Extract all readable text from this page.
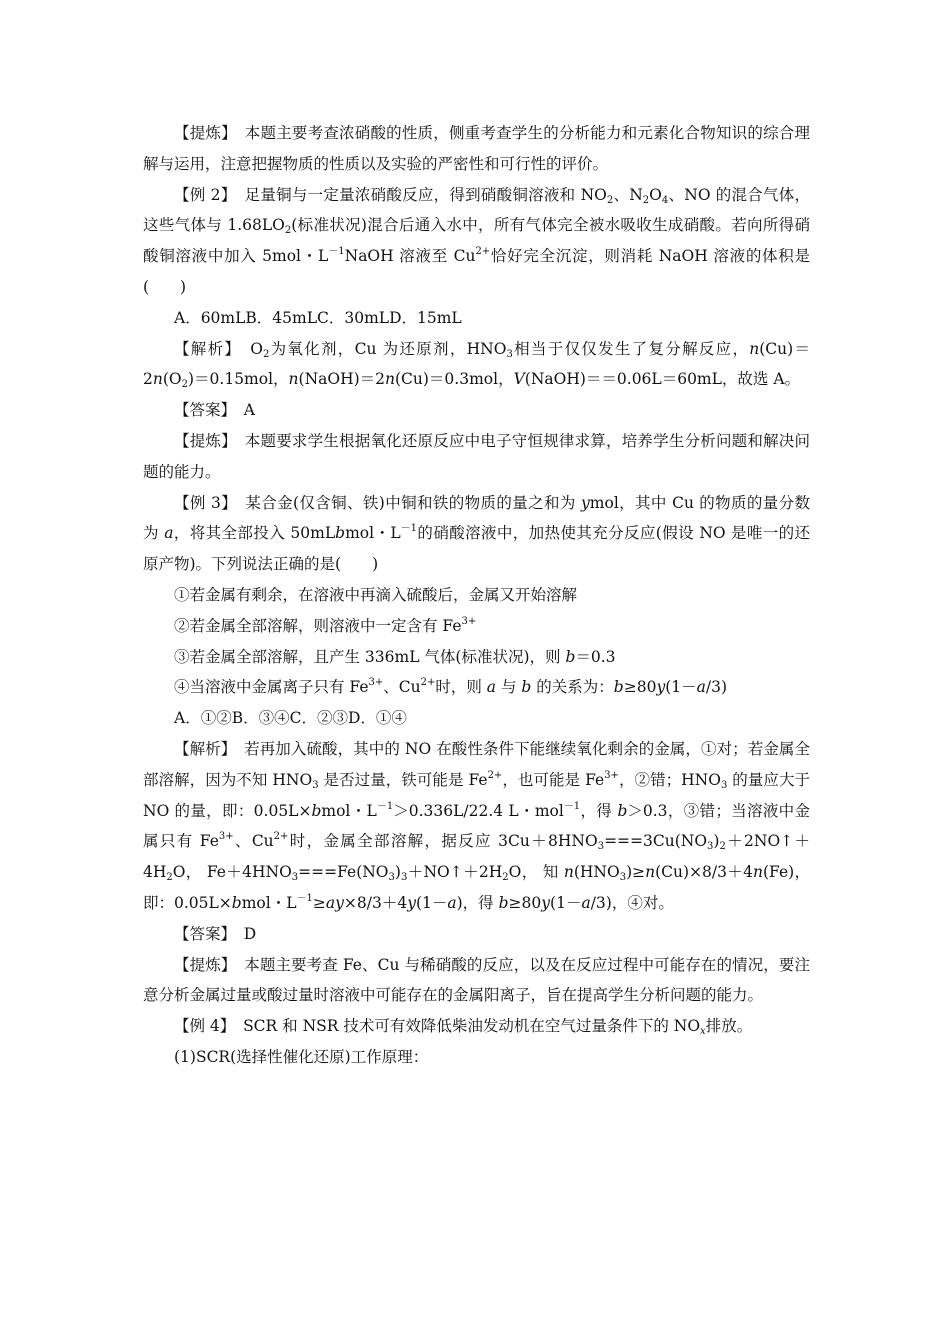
【提炼】　 本题主要考查浓硝酸的性质，侧重考查学生的分析能力和元素化合物知识的综合理解与运用，注意把握物质的性质以及实验的严密性和可行性的评价。

【例 2】　 足量铜与一定量浓硝酸反应，得到硝酸铜溶液和 $NO_2$、$N_2O_4$、NO 的混合气体，这些气体与 $1.68LO_2$(标准状况)混合后通入水中，所有气体完全被水吸收生成硝酸。若向所得硝酸铜溶液中加入 5mol・$L^{-1}NaOH$ 溶液至 $Cu^{2+}$恰好完全沉淀，则消耗 NaOH 溶液的体积是(　　)

A．60mLB．45mLC．30mLD．15mL

【解析】　 $O_2$为氧化剂，Cu 为还原剂，$HNO_3$相当于仅仅发生了复分解反应，$n(Cu)=2n(O_2)=0.15mol$，n(NaOH)＝2n(Cu)＝0.3mol，V(NaOH)＝＝0.06L＝60mL，故选 A。

【答案】　 A

【提炼】　 本题要求学生根据氧化还原反应中电子守恒规律求算，培养学生分析问题和解决问题的能力。

【例 3】　 某合金(仅含铜、铁)中铜和铁的物质的量之和为 ymol，其中 Cu 的物质的量分数为 a，将其全部投入 50mLbmol・$L^{-1}$的硝酸溶液中，加热使其充分反应(假设 NO 是唯一的还原产物)。下列说法正确的是(　　)

①若金属有剩余，在溶液中再滴入硫酸后，金属又开始溶解

②若金属全部溶解，则溶液中一定含有 $Fe^{3+}$

③若金属全部溶解，且产生 336mL 气体(标准状况)，则 b＝0.3

④当溶液中金属离子只有 $Fe^{3+}$、$Cu^{2+}$时，则 a 与 b 的关系为：b≥80y(1－a/3)

A．①②B．③④C．②③D．①④

【解析】　若再加入硫酸，其中的 NO 在酸性条件下能继续氧化剩余的金属，①对；若金属全部溶解，因为不知 $HNO_3$ 是否过量，铁可能是 $Fe^{2+}$，也可能是 $Fe^{3+}$，②错；$HNO_3$ 的量应大于 NO 的量，即：0.05L×bmol・$L^{-1}>0.336L/22.4$ L・mol$^{-1}$，得 b＞0.3，③错；当溶液中金属只有 $Fe^{3+}$、$Cu^{2+}$时，金属全部溶解，据反应 $3Cu+8HNO_3===3Cu(NO_3)_2+2NO↑+4H_2O$， $Fe+4HNO_3===Fe(NO_3)_3+NO↑+2H_2O$， 知 $n(HNO_3)\ge n(Cu)\times 8/3+4n(Fe)$， 即：0.05L×bmol・$L^{-1}\ge ay\times 8/3+4y(1-a)$，得 b≥80y(1－a/3)，④对。

【答案】　 D

【提炼】　 本题主要考查 Fe、Cu 与稀硝酸的反应，以及在反应过程中可能存在的情况，要注意分析金属过量或酸过量时溶液中可能存在的金属阳离子，旨在提高学生分析问题的能力。

【例 4】　 SCR 和 NSR 技术可有效降低柴油发动机在空气过量条件下的 $NO_x$排放。

(1)SCR(选择性催化还原)工作原理：
